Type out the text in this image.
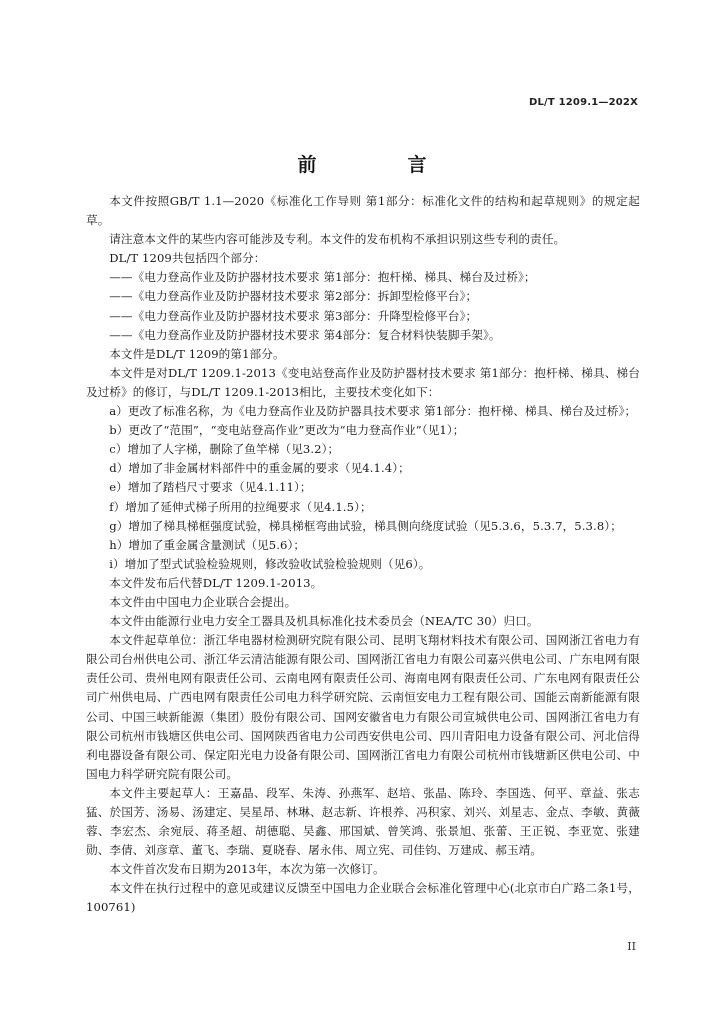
DL/T 1209.1—202X
前　言

本文件按照GB/T 1.1—2020《标准化工作导则 第1部分：标准化文件的结构和起草规则》的规定起草。

请注意本文件的某些内容可能涉及专利。本文件的发布机构不承担识别这些专利的责任。

DL/T 1209共包括四个部分：

——《电力登高作业及防护器材技术要求 第1部分：抱杆梯、梯具、梯台及过桥》；

——《电力登高作业及防护器材技术要求 第2部分：拆卸型检修平台》；

——《电力登高作业及防护器材技术要求 第3部分：升降型检修平台》；

——《电力登高作业及防护器材技术要求 第4部分：复合材料快装脚手架》。

本文件是DL/T 1209的第1部分。

本文件是对DL/T 1209.1-2013《变电站登高作业及防护器材技术要求 第1部分：抱杆梯、梯具、梯台及过桥》的修订，与DL/T 1209.1-2013相比，主要技术变化如下：

a）更改了标准名称，为《电力登高作业及防护器具技术要求 第1部分：抱杆梯、梯具、梯台及过桥》；

b）更改了“范围”，“变电站登高作业”更改为“电力登高作业”（见1）；

c）增加了人字梯，删除了鱼竿梯（见3.2）；

d）增加了非金属材料部件中的重金属的要求（见4.1.4）；

e）增加了踏档尺寸要求（见4.1.11）；

f）增加了延伸式梯子所用的拉绳要求（见4.1.5）；

g）增加了梯具梯框强度试验，梯具梯框弯曲试验，梯具侧向绕度试验（见5.3.6，5.3.7，5.3.8）；

h）增加了重金属含量测试（见5.6）；

i）增加了型式试验检验规则，修改验收试验检验规则（见6）。

本文件发布后代替DL/T 1209.1-2013。

本文件由中国电力企业联合会提出。

本文件由能源行业电力安全工器具及机具标准化技术委员会（NEA/TC 30）归口。

本文件起草单位：浙江华电器材检测研究院有限公司、昆明飞翔材料技术有限公司、国网浙江省电力有限公司台州供电公司、浙江华云清洁能源有限公司、国网浙江省电力有限公司嘉兴供电公司、广东电网有限责任公司、贵州电网有限责任公司、云南电网有限责任公司、海南电网有限责任公司、广东电网有限责任公司广州供电局、广西电网有限责任公司电力科学研究院、云南恒安电力工程有限公司、国能云南新能源有限公司、中国三峡新能源（集团）股份有限公司、国网安徽省电力有限公司宣城供电公司、国网浙江省电力有限公司杭州市钱塘区供电公司、国网陕西省电力公司西安供电公司、四川青阳电力设备有限公司、河北信得利电器设备有限公司、保定阳光电力设备有限公司、国网浙江省电力有限公司杭州市钱塘新区供电公司、中国电力科学研究院有限公司。

本文件主要起草人：王嘉晶、段军、朱涛、孙燕军、赵培、张晶、陈玲、李国选、何平、章益、张志猛、於国芳、汤易、汤建定、吴星昂、林琳、赵志新、许根养、冯积家、刘兴、刘星志、金点、李敏、黄薇蓉、李宏杰、余宛辰、蒋圣超、胡德聪、吴鑫、邢国斌、曾笑鸿、张景旭、张蕾、王正锐、李亚宽、张建勋、李倩、刘彦章、董飞、李瑞、夏晓春、屠永伟、周立宪、司佳钧、万建成、郝玉靖。

本文件首次发布日期为2013年，本次为第一次修订。

本文件在执行过程中的意见或建议反馈至中国电力企业联合会标准化管理中心(北京市白广路二条1号，100761)

II
